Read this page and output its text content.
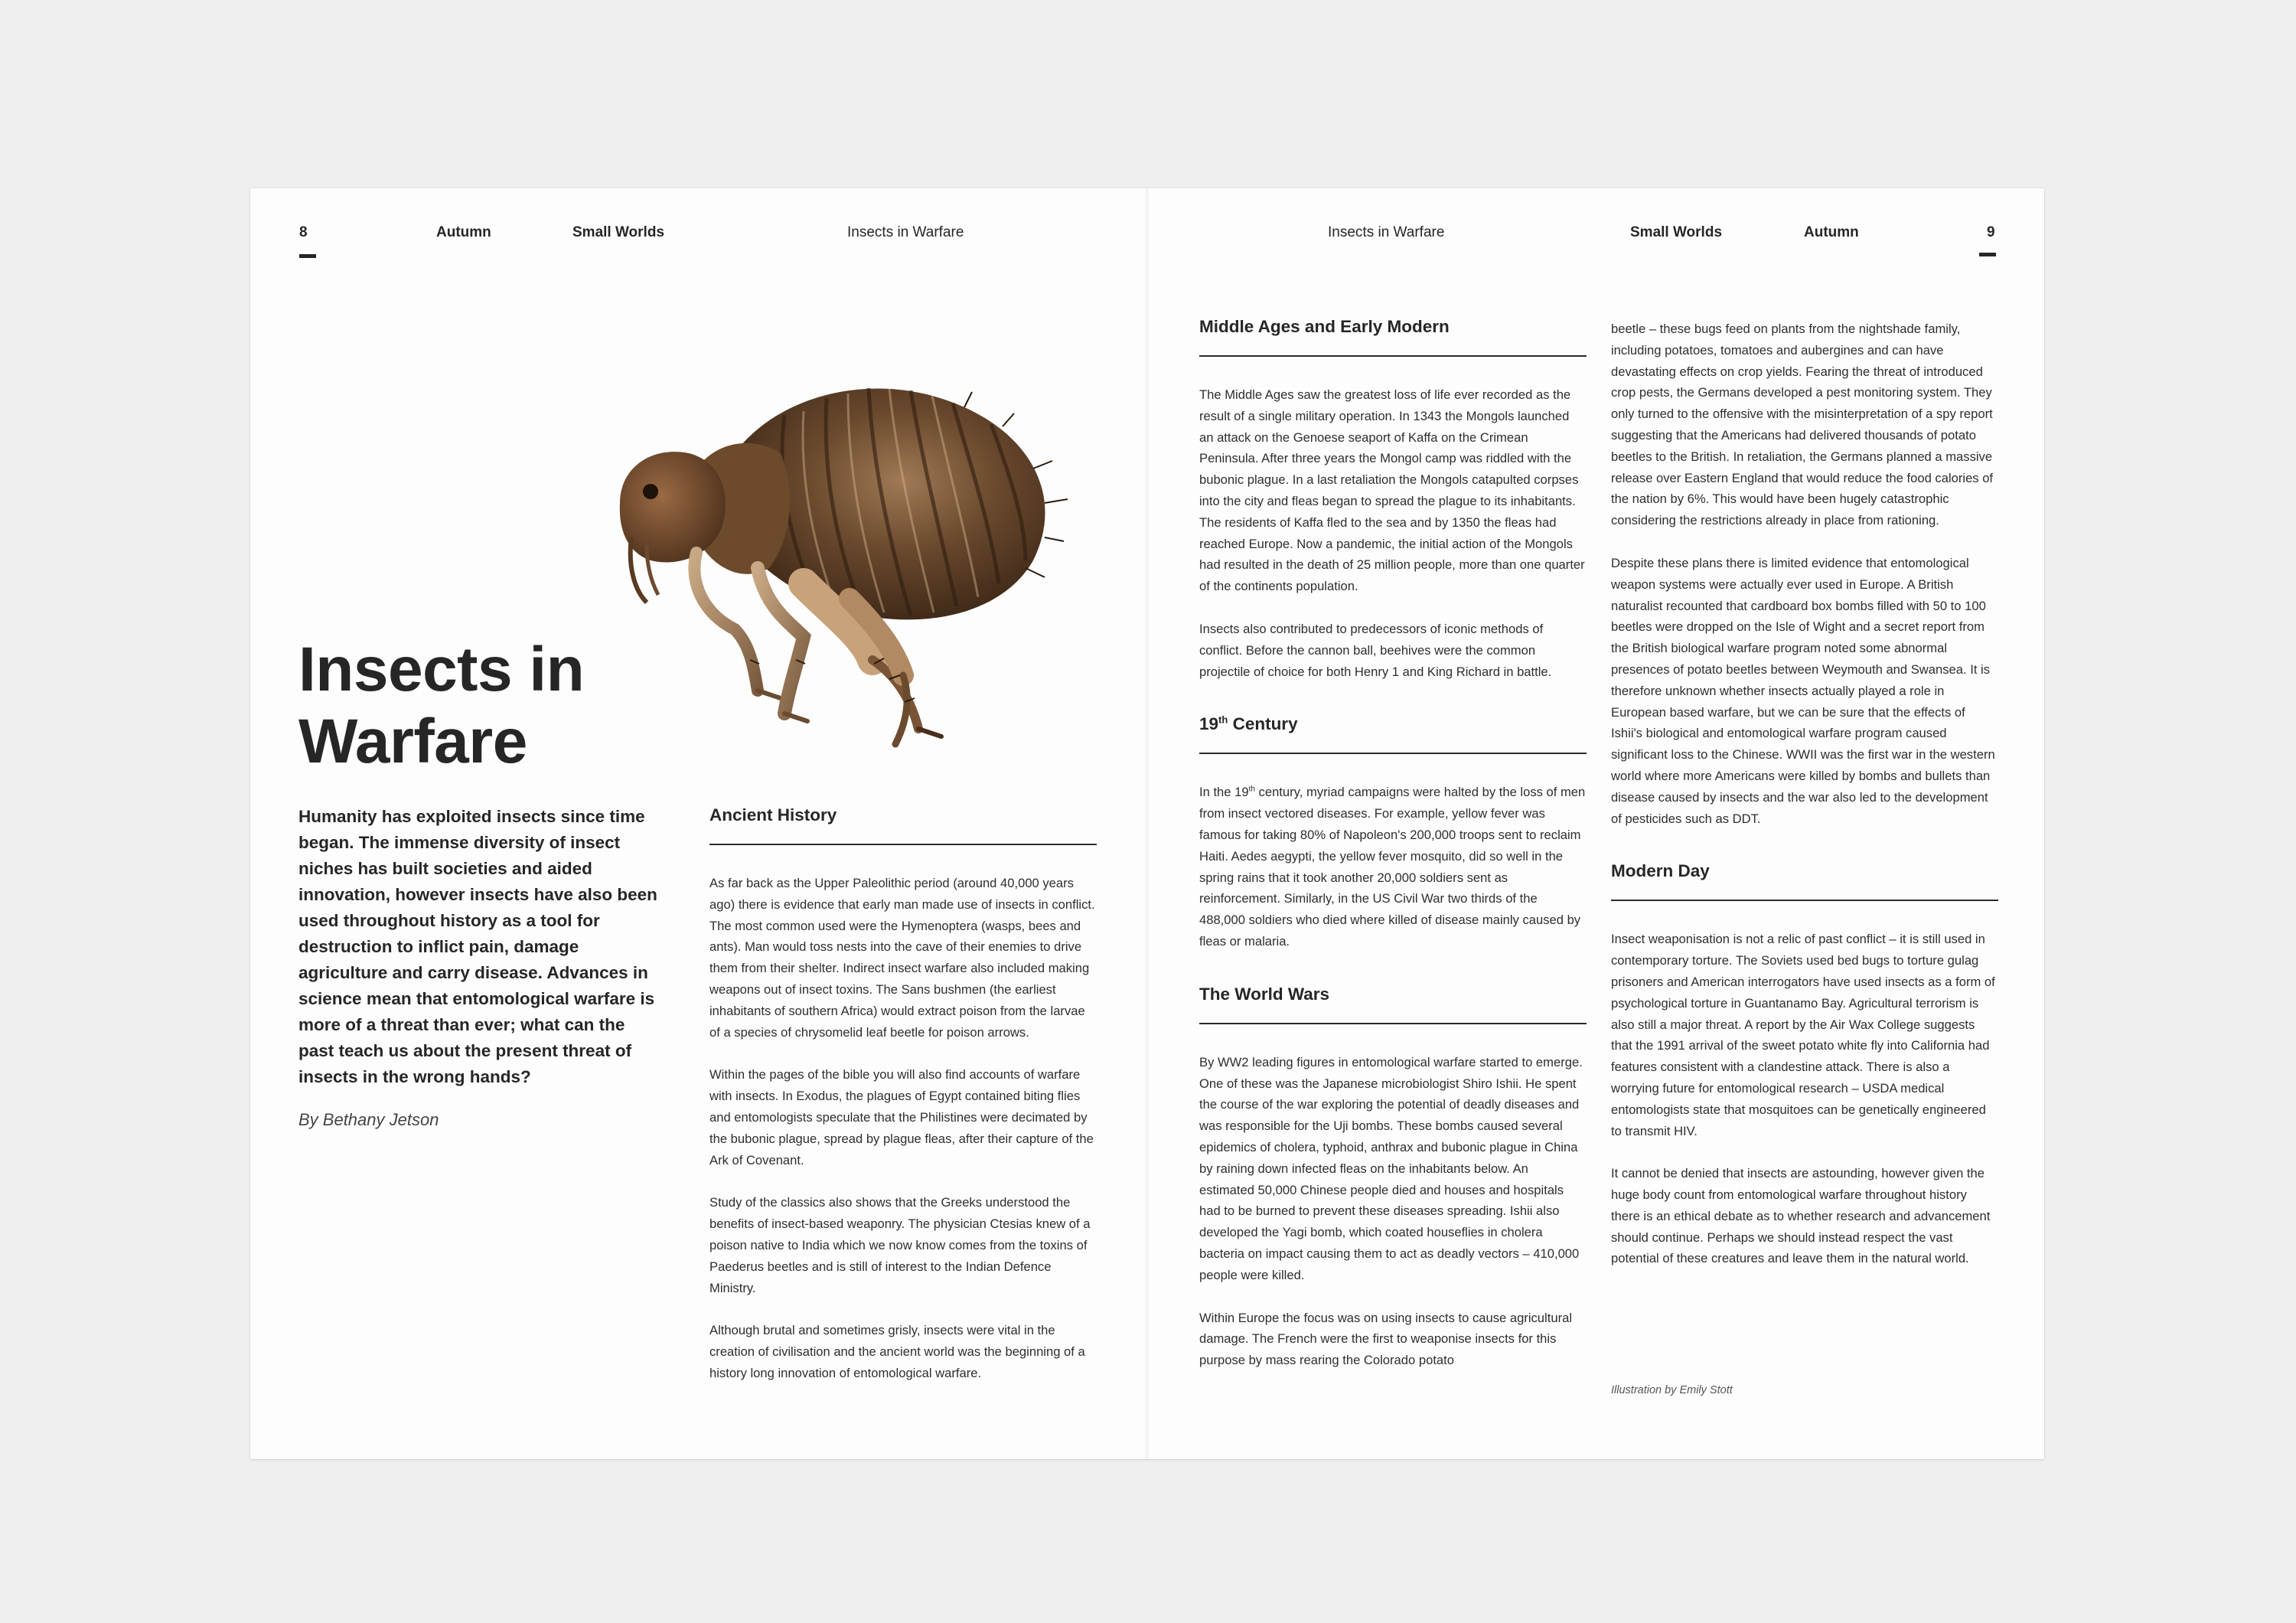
8	Autumn	Small Worlds	Insects in Warfare	Insects in Warfare	Small Worlds	Autumn	9
Insects in
Warfare

Humanity has exploited insects since time began. The immense diversity of insect niches has built societies and aided innovation, however insects have also been used throughout history as a tool for destruction to inflict pain, damage agriculture and carry disease. Advances in science mean that entomological warfare is more of a threat than ever; what can the past teach us about the present threat of insects in the wrong hands?

By Bethany Jetson
Ancient History

As far back as the Upper Paleolithic period (around 40,000 years ago) there is evidence that early man made use of insects in conflict. The most common used were the Hymenoptera (wasps, bees and ants). Man would toss nests into the cave of their enemies to drive them from their shelter. Indirect insect warfare also included making weapons out of insect toxins. The Sans bushmen (the earliest inhabitants of southern Africa) would extract poison from the larvae of a species of chrysomelid leaf beetle for poison arrows.

Within the pages of the bible you will also find accounts of warfare with insects. In Exodus, the plagues of Egypt contained biting flies and entomologists speculate that the Philistines were decimated by the bubonic plague, spread by plague fleas, after their capture of the Ark of Covenant.

Study of the classics also shows that the Greeks understood the benefits of insect-based weaponry. The physician Ctesias knew of a poison native to India which we now know comes from the toxins of Paederus beetles and is still of interest to the Indian Defence Ministry.

Although brutal and sometimes grisly, insects were vital in the creation of civilisation and the ancient world was the beginning of a history long innovation of entomological warfare.

Middle Ages and Early Modern

The Middle Ages saw the greatest loss of life ever recorded as the result of a single military operation. In 1343 the Mongols launched an attack on the Genoese seaport of Kaffa on the Crimean Peninsula. After three years the Mongol camp was riddled with the bubonic plague. In a last retaliation the Mongols catapulted corpses into the city and fleas began to spread the plague to its inhabitants. The residents of Kaffa fled to the sea and by 1350 the fleas had reached Europe. Now a pandemic, the initial action of the Mongols had resulted in the death of 25 million people, more than one quarter of the continents population.

Insects also contributed to predecessors of iconic methods of conflict. Before the cannon ball, beehives were the common projectile of choice for both Henry 1 and King Richard in battle.

19th Century

In the 19th century, myriad campaigns were halted by the loss of men from insect vectored diseases. For example, yellow fever was famous for taking 80% of Napoleon's 200,000 troops sent to reclaim Haiti. Aedes aegypti, the yellow fever mosquito, did so well in the spring rains that it took another 20,000 soldiers sent as reinforcement. Similarly, in the US Civil War two thirds of the 488,000 soldiers who died where killed of disease mainly caused by fleas or malaria.

The World Wars

By WW2 leading figures in entomological warfare started to emerge. One of these was the Japanese microbiologist Shiro Ishii. He spent the course of the war exploring the potential of deadly diseases and was responsible for the Uji bombs. These bombs caused several epidemics of cholera, typhoid, anthrax and bubonic plague in China by raining down infected fleas on the inhabitants below. An estimated 50,000 Chinese people died and houses and hospitals had to be burned to prevent these diseases spreading. Ishii also developed the Yagi bomb, which coated houseflies in cholera bacteria on impact causing them to act as deadly vectors – 410,000 people were killed.

Within Europe the focus was on using insects to cause agricultural damage. The French were the first to weaponise insects for this purpose by mass rearing the Colorado potato

beetle – these bugs feed on plants from the nightshade family, including potatoes, tomatoes and aubergines and can have devastating effects on crop yields. Fearing the threat of introduced crop pests, the Germans developed a pest monitoring system. They only turned to the offensive with the misinterpretation of a spy report suggesting that the Americans had delivered thousands of potato beetles to the British. In retaliation, the Germans planned a massive release over Eastern England that would reduce the food calories of the nation by 6%. This would have been hugely catastrophic considering the restrictions already in place from rationing.

Despite these plans there is limited evidence that entomological weapon systems were actually ever used in Europe. A British naturalist recounted that cardboard box bombs filled with 50 to 100 beetles were dropped on the Isle of Wight and a secret report from the British biological warfare program noted some abnormal presences of potato beetles between Weymouth and Swansea. It is therefore unknown whether insects actually played a role in European based warfare, but we can be sure that the effects of Ishii's biological and entomological warfare program caused significant loss to the Chinese. WWII was the first war in the western world where more Americans were killed by bombs and bullets than disease caused by insects and the war also led to the development of pesticides such as DDT.

Modern Day

Insect weaponisation is not a relic of past conflict – it is still used in contemporary torture. The Soviets used bed bugs to torture gulag prisoners and American interrogators have used insects as a form of psychological torture in Guantanamo Bay. Agricultural terrorism is also still a major threat. A report by the Air Wax College suggests that the 1991 arrival of the sweet potato white fly into California had features consistent with a clandestine attack. There is also a worrying future for entomological research – USDA medical entomologists state that mosquitoes can be genetically engineered to transmit HIV.

It cannot be denied that insects are astounding, however given the huge body count from entomological warfare throughout history there is an ethical debate as to whether research and advancement should continue. Perhaps we should instead respect the vast potential of these creatures and leave them in the natural world.

Illustration by Emily Stott
